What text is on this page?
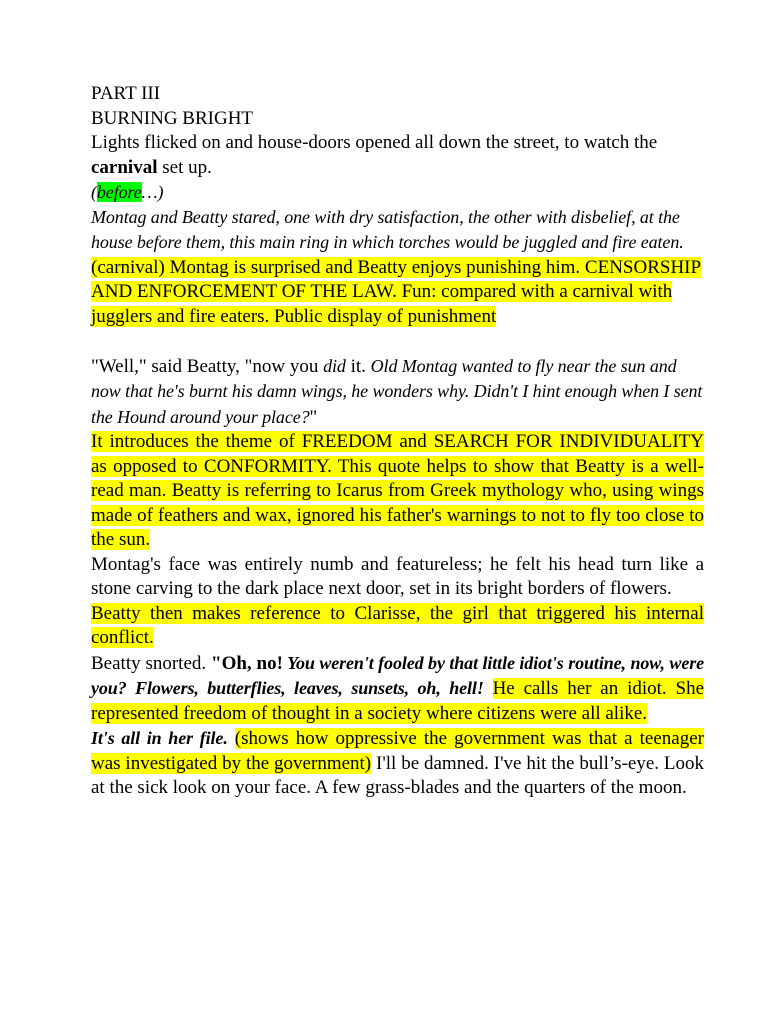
PART III
BURNING BRIGHT

Lights flicked on and house-doors opened all down the street, to watch the carnival set up.

(before…)

Montag and Beatty stared, one with dry satisfaction, the other with disbelief, at the house before them, this main ring in which torches would be juggled and fire eaten.(carnival) Montag is surprised and Beatty enjoys punishing him. CENSORSHIP AND ENFORCEMENT OF THE LAW. Fun: compared with a carnival with jugglers and fire eaters. Public display of punishment

"Well," said Beatty, "now you did it. Old Montag wanted to fly near the sun and now that he's burnt his damn wings, he wonders why. Didn't I hint enough when I sent the Hound around your place?"

It introduces the theme of FREEDOM and SEARCH FOR INDIVIDUALITY as opposed to CONFORMITY. This quote helps to show that Beatty is a well-read man. Beatty is referring to Icarus from Greek mythology who, using wings made of feathers and wax, ignored his father's warnings to not to fly too close to the sun.

Montag's face was entirely numb and featureless; he felt his head turn like a stone carving to the dark place next door, set in its bright borders of flowers.

Beatty then makes reference to Clarisse, the girl that triggered his internal conflict.

Beatty snorted. "Oh, no! You weren't fooled by that little idiot's routine, now, were you? Flowers, butterflies, leaves, sunsets, oh, hell! He calls her an idiot. She represented freedom of thought in a society where citizens were all alike.

It's all in her file. (shows how oppressive the government was that a teenager was investigated by the government) I'll be damned. I've hit the bull’s-eye. Look at the sick look on your face. A few grass-blades and the quarters of the moon.
